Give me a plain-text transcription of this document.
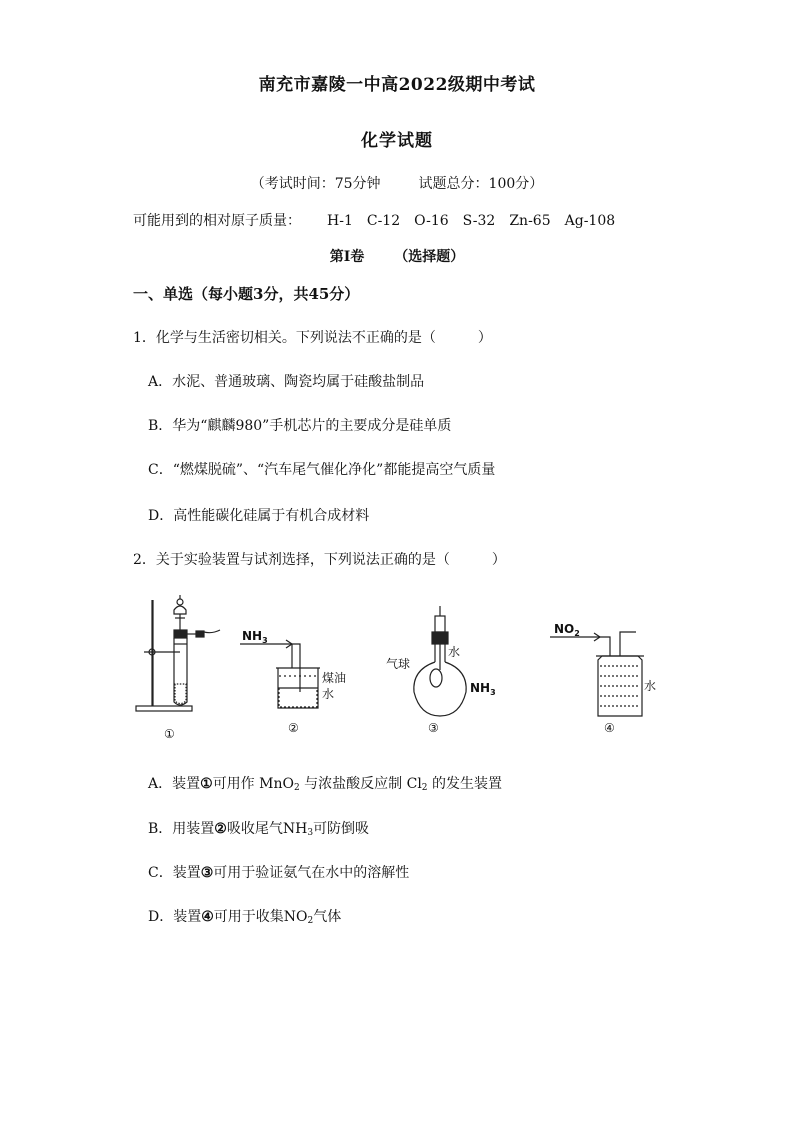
南充市嘉陵一中高2022级期中考试
化学试题
（考试时间：75分钟	试题总分：100分）
可能用到的相对原子质量： H-1 C-12 O-16 S-32 Zn-65 Ag-108
第I卷 （选择题）
一、单选（每小题3分，共45分）
1．化学与生活密切相关。下列说法不正确的是（　　　）
A．水泥、普通玻璃、陶瓷均属于硅酸盐制品
B．华为“麒麟980”手机芯片的主要成分是硅单质
C．“燃煤脱硫”、“汽车尾气催化净化”都能提高空气质量
D．高性能碳化硅属于有机合成材料
2．关于实验装置与试剂选择，下列说法正确的是（　　　）
①	②	③	④
$NH_3$
煤油
水
水
气球
$NH_3$
$NO_2$
水
A．装置①可用作 MnO$_2$ 与浓盐酸反应制 $Cl_2$ 的发生装置
B．用装置②吸收尾气$NH_3$可防倒吸
C．装置③可用于验证氨气在水中的溶解性
D．装置④可用于收集$NO_2$气体
